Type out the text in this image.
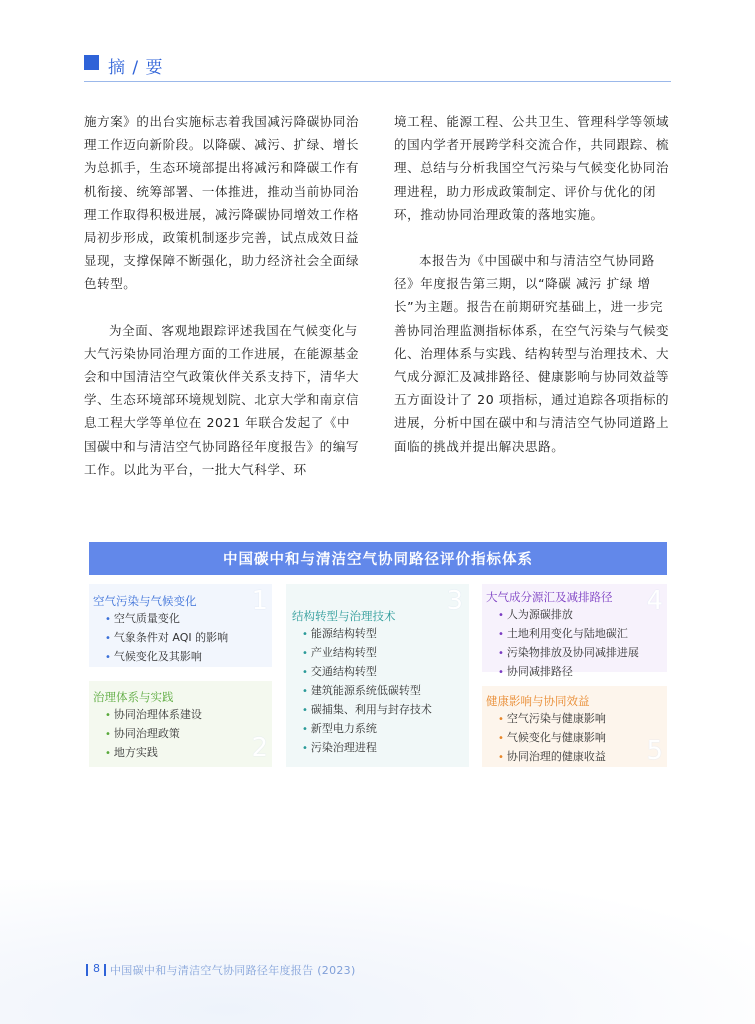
摘 / 要

施方案》的出台实施标志着我国减污降碳协同治理工作迈向新阶段。以降碳、减污、扩绿、增长为总抓手，生态环境部提出将减污和降碳工作有机衔接、统筹部署、一体推进，推动当前协同治理工作取得积极进展，减污降碳协同增效工作格局初步形成，政策机制逐步完善，试点成效日益显现，支撑保障不断强化，助力经济社会全面绿色转型。

为全面、客观地跟踪评述我国在气候变化与大气污染协同治理方面的工作进展，在能源基金会和中国清洁空气政策伙伴关系支持下，清华大学、生态环境部环境规划院、北京大学和南京信息工程大学等单位在 2021 年联合发起了《中国碳中和与清洁空气协同路径年度报告》的编写工作。以此为平台，一批大气科学、环

境工程、能源工程、公共卫生、管理科学等领域的国内学者开展跨学科交流合作，共同跟踪、梳理、总结与分析我国空气污染与气候变化协同治理进程，助力形成政策制定、评价与优化的闭环，推动协同治理政策的落地实施。

本报告为《中国碳中和与清洁空气协同路径》年度报告第三期，以“降碳 减污 扩绿 增长”为主题。报告在前期研究基础上，进一步完善协同治理监测指标体系，在空气污染与气候变化、治理体系与实践、结构转型与治理技术、大气成分源汇及减排路径、健康影响与协同效益等五方面设计了 20 项指标，通过追踪各项指标的进展，分析中国在碳中和与清洁空气协同道路上面临的挑战并提出解决思路。

中国碳中和与清洁空气协同路径评价指标体系
空气污染与气候变化 1
• 空气质量变化
• 气象条件对 AQI 的影响
• 气候变化及其影响
治理体系与实践
2
• 协同治理体系建设
• 协同治理政策
• 地方实践
结构转型与治理技术 3
• 能源结构转型
• 产业结构转型
• 交通结构转型
• 建筑能源系统低碳转型
• 碳捕集、利用与封存技术
• 新型电力系统
• 污染治理进程
大气成分源汇及减排路径 4
• 人为源碳排放
• 土地利用变化与陆地碳汇
• 污染物排放及协同减排进展
• 协同减排路径
健康影响与协同效益
5
• 空气污染与健康影响
• 气候变化与健康影响
• 协同治理的健康收益
8 中国碳中和与清洁空气协同路径年度报告 (2023)
